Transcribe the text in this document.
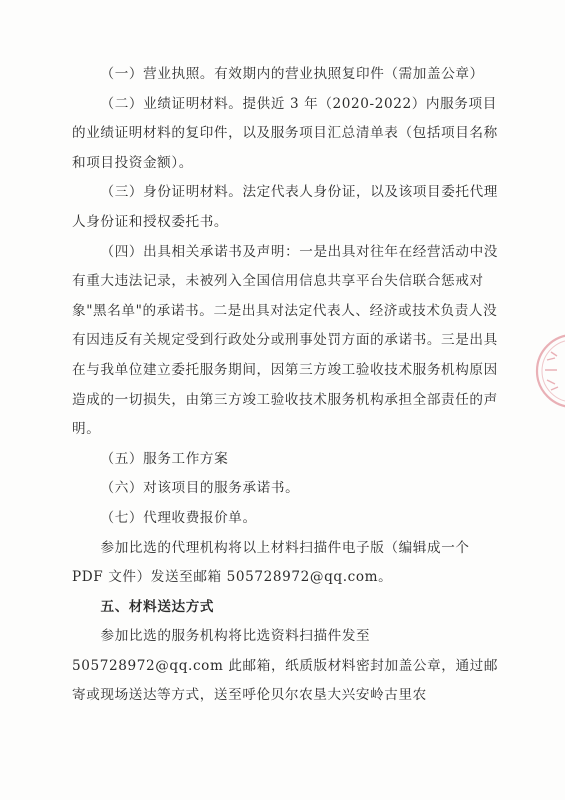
（一）营业执照。有效期内的营业执照复印件（需加盖公章）

（二）业绩证明材料。提供近 3 年（2020-2022）内服务项目的业绩证明材料的复印件，以及服务项目汇总清单表（包括项目名称和项目投资金额）。

（三）身份证明材料。法定代表人身份证，以及该项目委托代理人身份证和授权委托书。

（四）出具相关承诺书及声明：一是出具对往年在经营活动中没有重大违法记录，未被列入全国信用信息共享平台失信联合惩戒对象"黑名单"的承诺书。二是出具对法定代表人、经济或技术负责人没有因违反有关规定受到行政处分或刑事处罚方面的承诺书。三是出具在与我单位建立委托服务期间，因第三方竣工验收技术服务机构原因造成的一切损失，由第三方竣工验收技术服务机构承担全部责任的声明。

（五）服务工作方案

（六）对该项目的服务承诺书。

（七）代理收费报价单。

参加比选的代理机构将以上材料扫描件电子版（编辑成一个 PDF 文件）发送至邮箱 505728972@qq.com。

五、材料送达方式

参加比选的服务机构将比选资料扫描件发至505728972@qq.com 此邮箱，纸质版材料密封加盖公章，通过邮寄或现场送达等方式，送至呼伦贝尔农垦大兴安岭古里农
